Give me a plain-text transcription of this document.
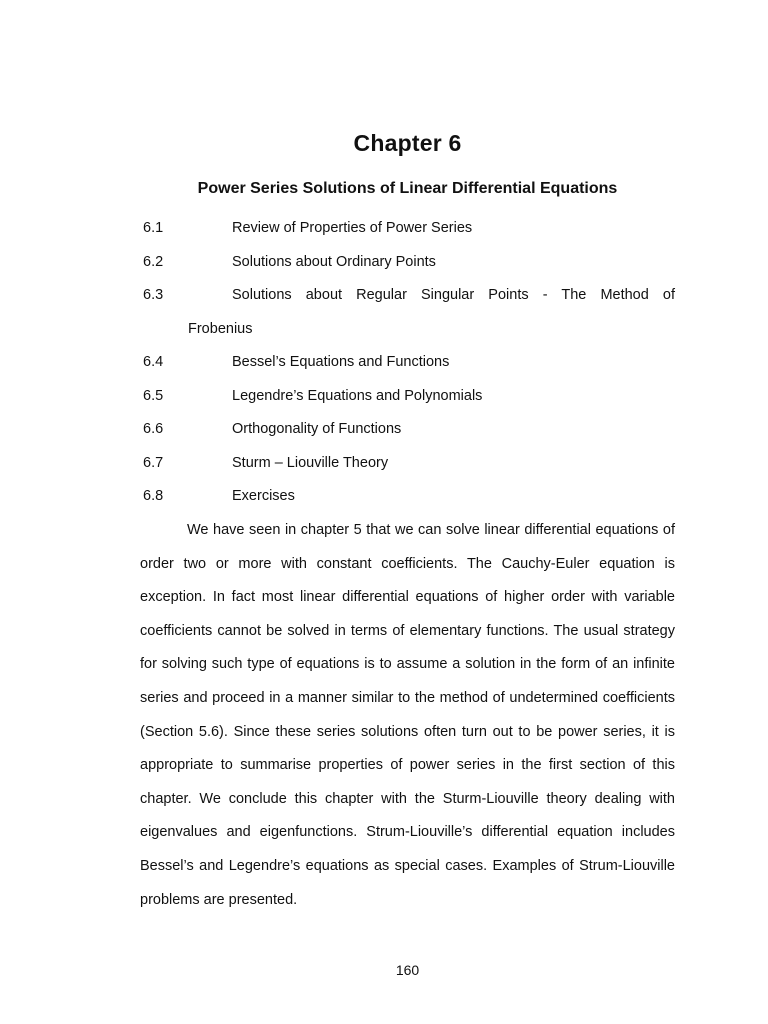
Chapter 6
Power Series Solutions of Linear Differential Equations
6.1	Review of Properties of Power Series
6.2	Solutions about Ordinary Points
6.3	Solutions about Regular Singular Points - The Method of
Frobenius
6.4	Bessel’s Equations and Functions
6.5	Legendre’s Equations and Polynomials
6.6	Orthogonality of Functions
6.7	Sturm – Liouville Theory
6.8	Exercises

We have seen in chapter 5 that we can solve linear differential equations of order two or more with constant coefficients. The Cauchy-Euler equation is exception. In fact most linear differential equations of higher order with variable coefficients cannot be solved in terms of elementary functions. The usual strategy for solving such type of equations is to assume a solution in the form of an infinite series and proceed in a manner similar to the method of undetermined coefficients (Section 5.6). Since these series solutions often turn out to be power series, it is appropriate to summarise properties of power series in the first section of this chapter. We conclude this chapter with the Sturm-Liouville theory dealing with eigenvalues and eigenfunctions. Strum-Liouville’s differential equation includes Bessel’s and Legendre’s equations as special cases. Examples of Strum-Liouville problems are presented.

160
